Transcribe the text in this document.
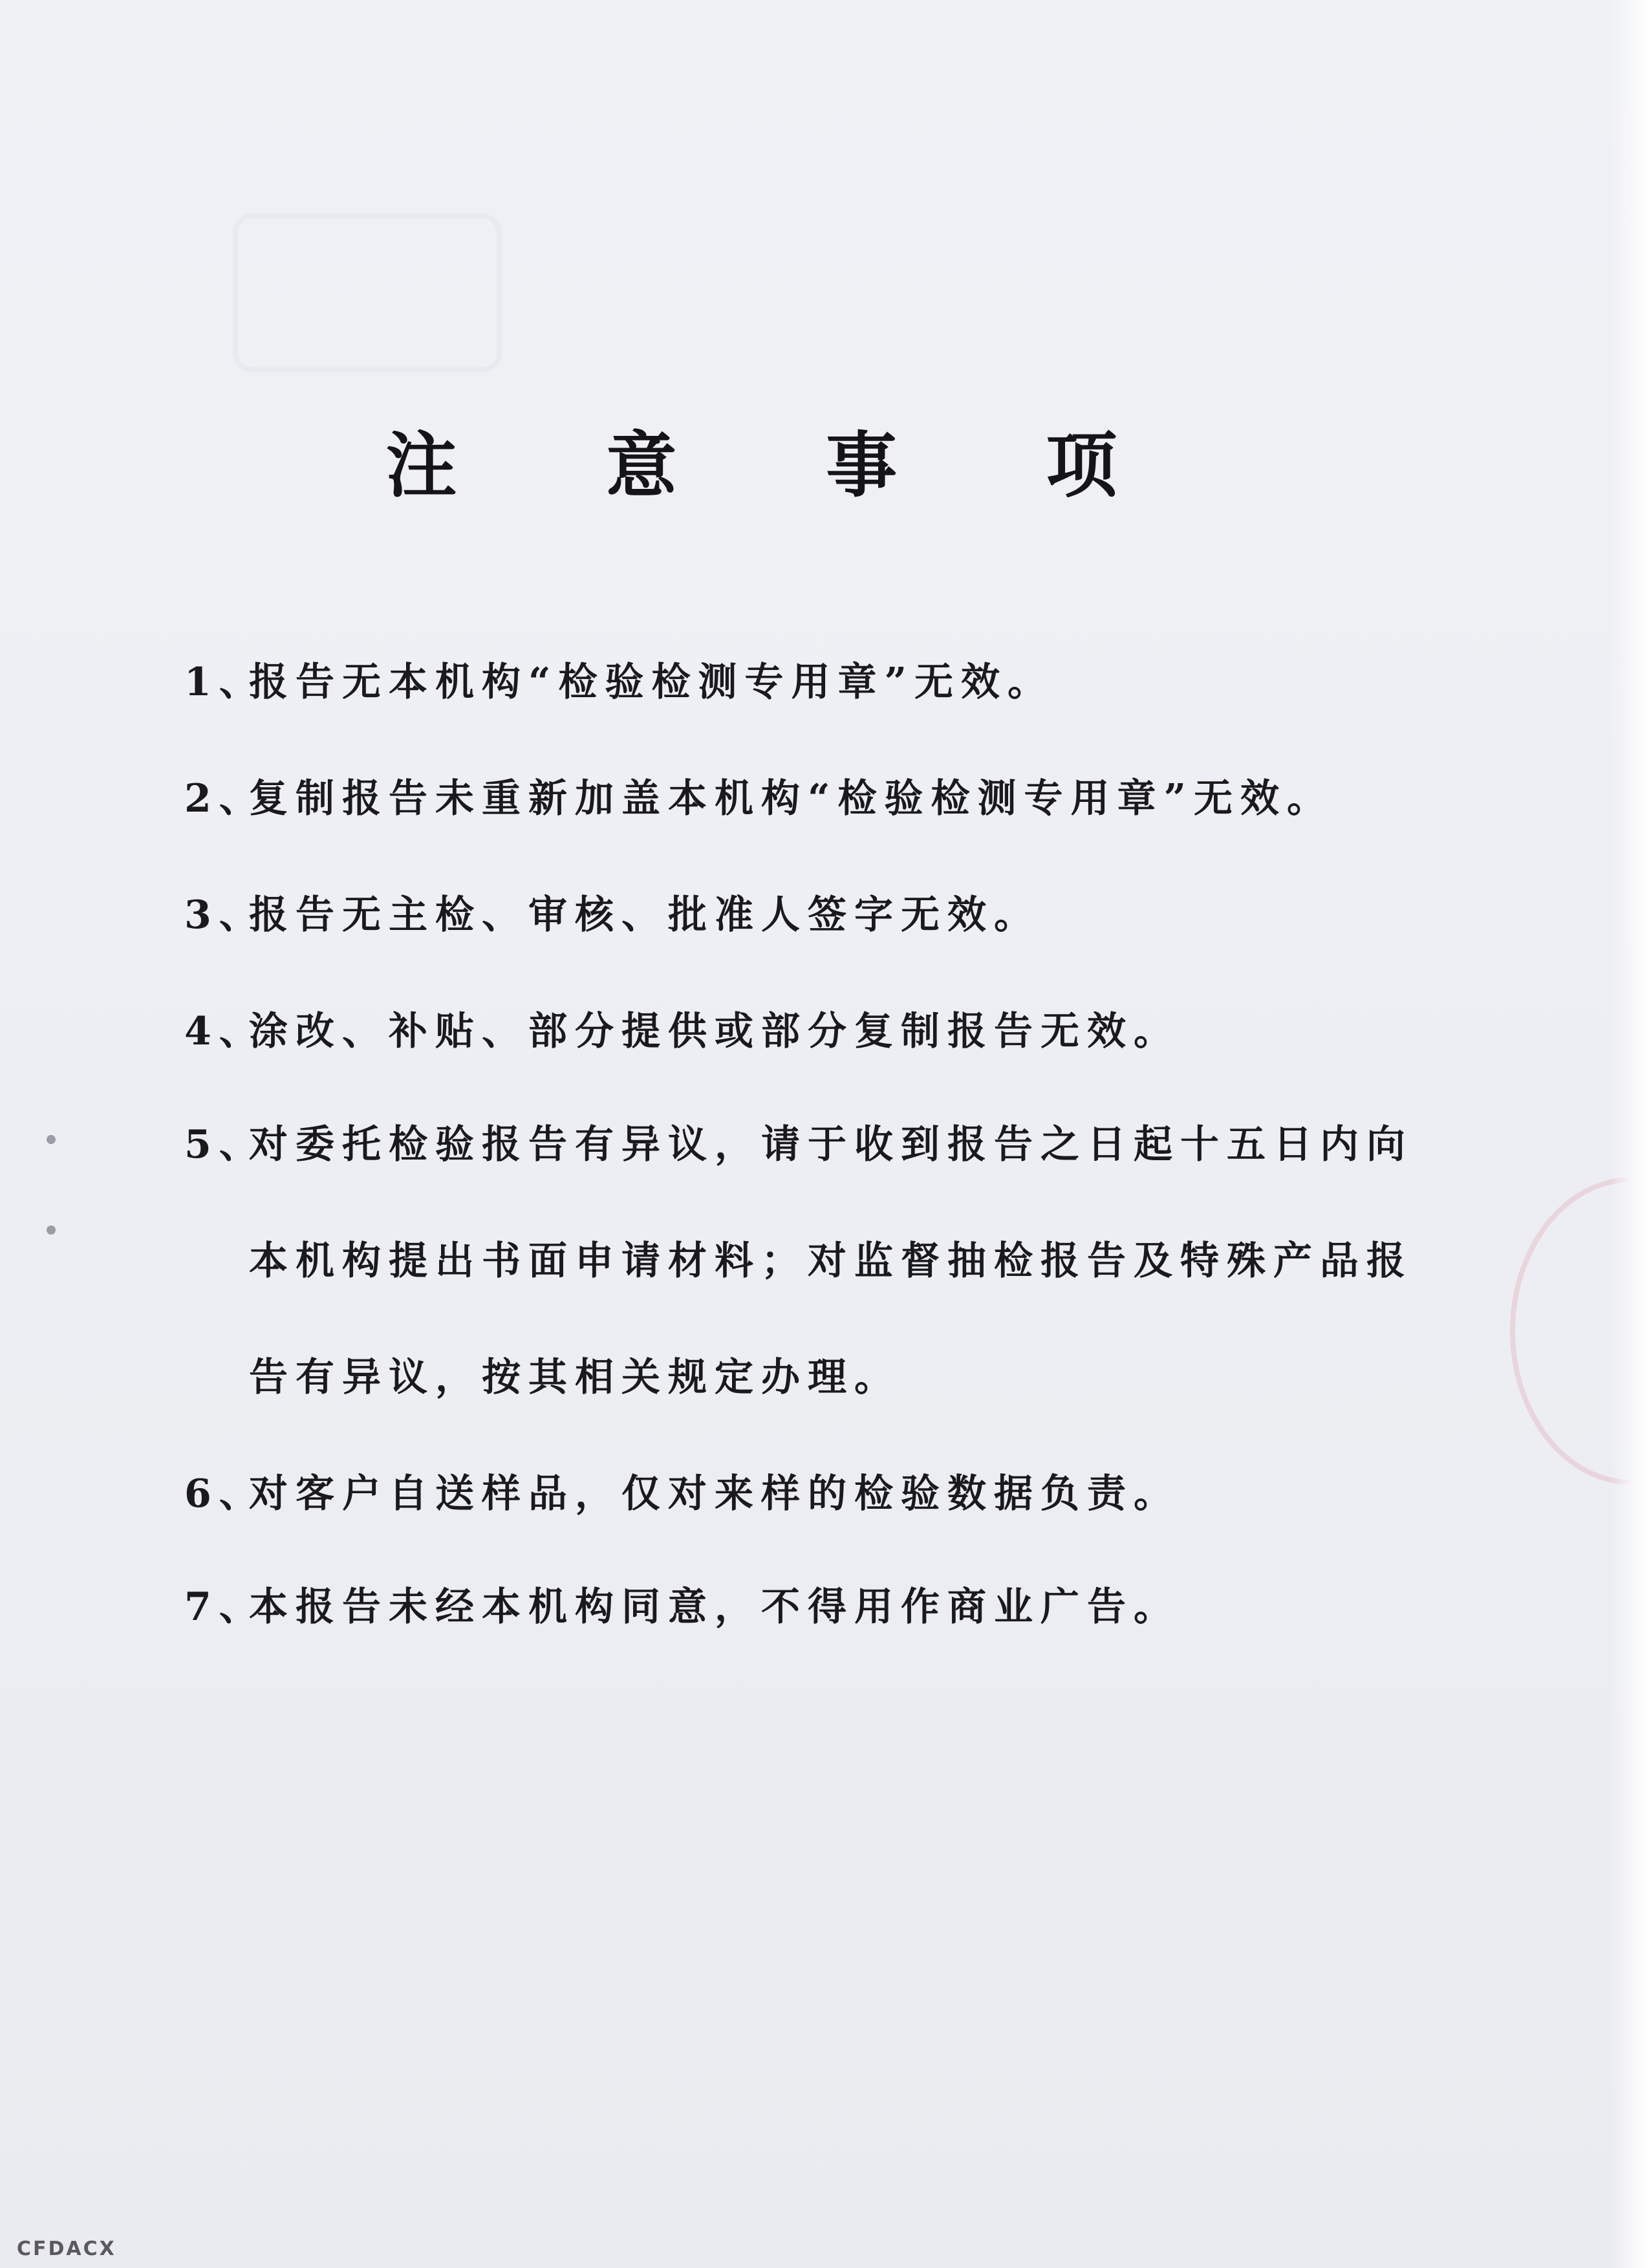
注 意 事 项
1、报告无本机构“检验检测专用章”无效。
2、复制报告未重新加盖本机构“检验检测专用章”无效。
3、报告无主检、审核、批准人签字无效。
4、涂改、补贴、部分提供或部分复制报告无效。
5、对委托检验报告有异议，请于收到报告之日起十五日内向
本机构提出书面申请材料；对监督抽检报告及特殊产品报
告有异议，按其相关规定办理。
6、对客户自送样品，仅对来样的检验数据负责。
7、本报告未经本机构同意，不得用作商业广告。
CFDACX
